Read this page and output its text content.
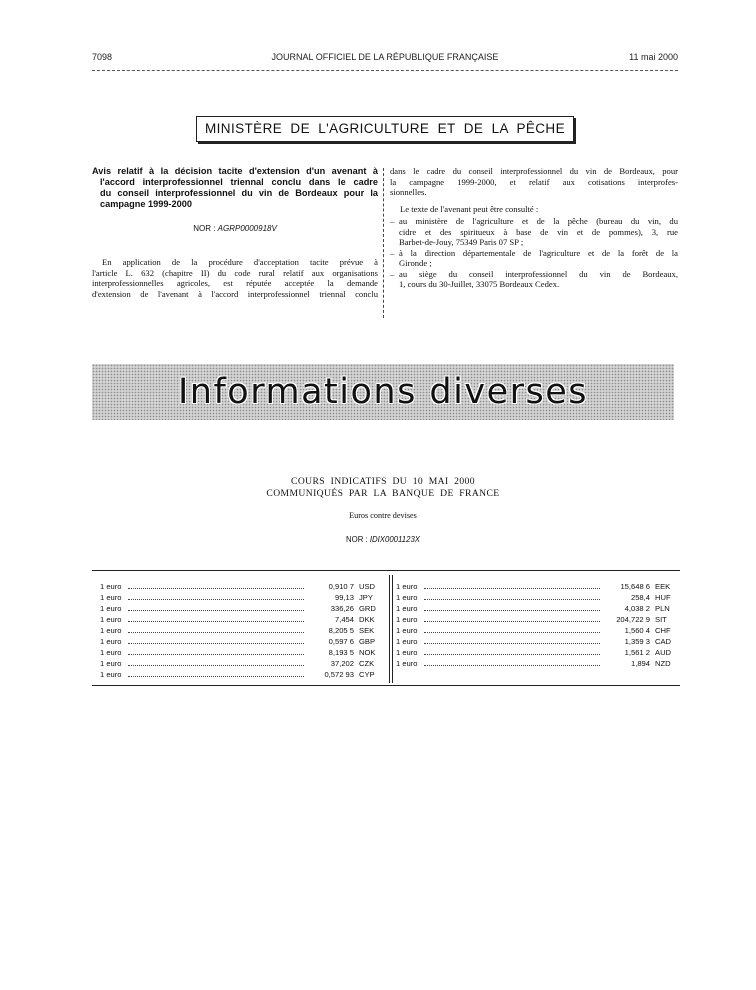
7098	JOURNAL OFFICIEL DE LA RÉPUBLIQUE FRANÇAISE	11 mai 2000
MINISTÈRE  DE  L'AGRICULTURE  ET  DE  LA  PÊCHE

Avis relatif à la décision tacite d'extension d'un avenant à
l'accord interprofessionnel triennal conclu dans le cadre
du conseil interprofessionnel du vin de Bordeaux pour la
campagne 1999-2000

NOR : AGRP0000918V
En application de la procédure d'acceptation tacite prévue à
l'article L. 632 (chapitre II) du code rural relatif aux organisations
interprofessionnelles agricoles, est réputée acceptée la demande
d'extension de l'avenant à l'accord interprofessionnel triennal conclu
dans le cadre du conseil interprofessionnel du vin de Bordeaux, pour
la campagne 1999-2000, et relatif aux cotisations interprofes-
sionnelles.
Le texte de l'avenant peut être consulté :
– au ministère de l'agriculture et de la pêche (bureau du vin, du
cidre et des spiritueux à base de vin et de pommes), 3, rue
Barbet-de-Jouy, 75349 Paris 07 SP ;
– à la direction départementale de l'agriculture et de la forêt de la
Gironde ;
– au siège du conseil interprofessionnel du vin de Bordeaux,
1, cours du 30-Juillet, 33075 Bordeaux Cedex.
Informations diverses
COURS  INDICATIFS  DU  10  MAI  2000
COMMUNIQUÉS  PAR  LA  BANQUE  DE  FRANCE
Euros contre devises
NOR : IDIX0001123X
1 euro	0,910 7 USD
1 euro	99,13 JPY
1 euro	336,26 GRD
1 euro	7,454 DKK
1 euro	8,205 5 SEK
1 euro	0,597 6 GBP
1 euro	8,193 5 NOK
1 euro	37,202 CZK
1 euro	0,572 93 CYP
1 euro	15,648 6 EEK
1 euro	258,4 HUF
1 euro	4,038 2 PLN
1 euro	204,722 9 SIT
1 euro	1,560 4 CHF
1 euro	1,359 3 CAD
1 euro	1,561 2 AUD
1 euro	1,894 NZD
